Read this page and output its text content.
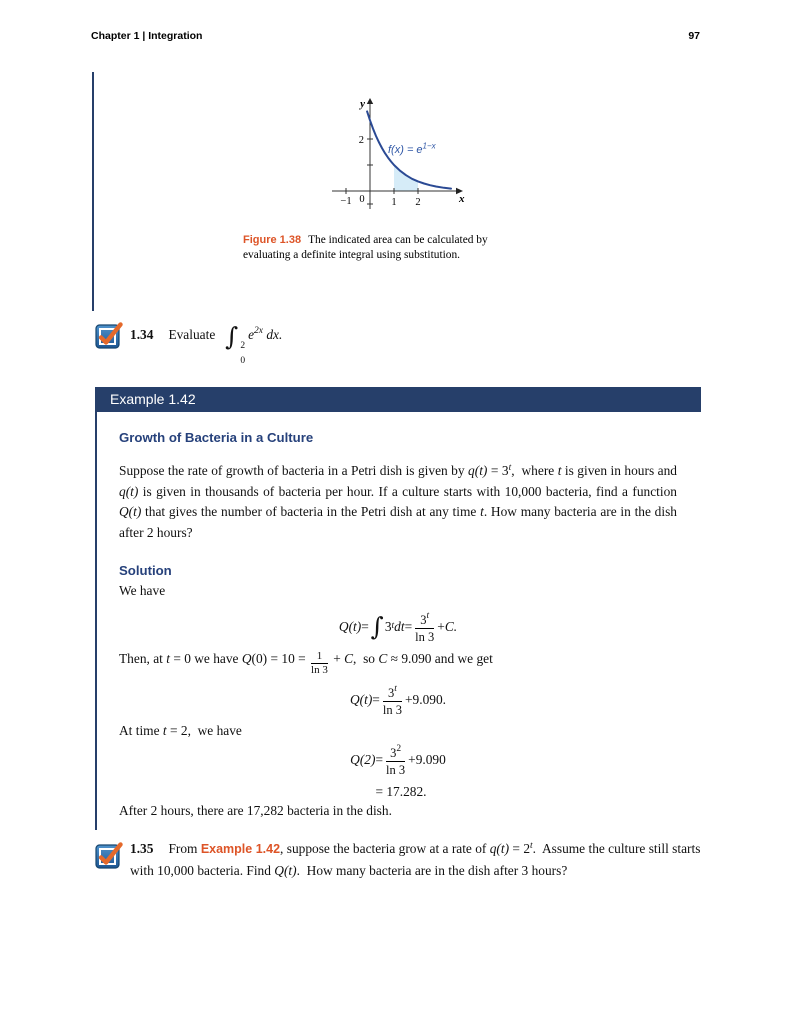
Chapter 1 | Integration	97
−1 0	1 2
2
x
y
$f(x) = e^{1-x}$
Figure 1.38 The indicated area can be calculated by evaluating a definite integral using substitution.
1.34 Evaluate ∫ 2
0
$e^{2x}$ dx.
Example 1.42
Growth of Bacteria in a Culture
Suppose the rate of growth of bacteria in a Petri dish is given by $q(t) = 3^t$,  where t is given in hours and q(t) is given in thousands of bacteria per hour. If a culture starts with 10,000 bacteria, find a function Q(t) that gives the number of bacteria in the Petri dish at any time t. How many bacteria are in the dish after 2 hours?
Solution
We have
Q(t) = ∫ 3 t dt = $\frac{3^t}{\ln 3} + C$.
Then, at t = 0 we have $Q(0) = 10 = \frac{1}{\ln 3} + C$,  so C ≈ 9.090 and we get
$Q(t) = \frac{3^t}{\ln 3} + 9.090$.
At time t = 2,  we have
$Q(2) = \frac{3^2}{\ln 3} + 9.090$
= 17.282.
After 2 hours, there are 17,282 bacteria in the dish.
1.35 From Example 1.42, suppose the bacteria grow at a rate of $q(t) = 2^t$.  Assume the culture still starts with 10,000 bacteria. Find Q(t).  How many bacteria are in the dish after 3 hours?
